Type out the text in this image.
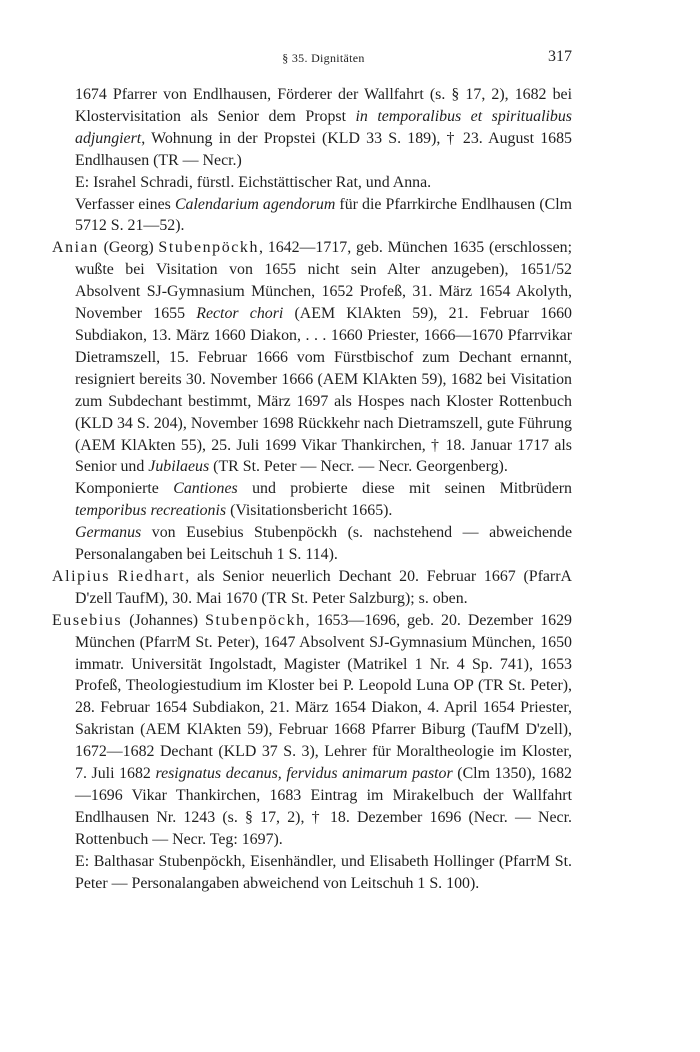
§ 35. Dignitäten	317

1674 Pfarrer von Endlhausen, Förderer der Wallfahrt (s. § 17, 2), 1682 bei Klostervisitation als Senior dem Propst in temporalibus et spiritualibus adjungiert, Wohnung in der Propstei (KLD 33 S. 189), † 23. August 1685 Endlhausen (TR — Necr.)

E: Israhel Schradi, fürstl. Eichstättischer Rat, und Anna.

Verfasser eines Calendarium agendorum für die Pfarrkirche Endlhausen (Clm 5712 S. 21—52).

Anian (Georg) Stubenpöckh, 1642—1717, geb. München 1635 (erschlossen; wußte bei Visitation von 1655 nicht sein Alter anzugeben), 1651/52 Absolvent SJ-Gymnasium München, 1652 Profeß, 31. März 1654 Akolyth, November 1655 Rector chori (AEM KlAkten 59), 21. Februar 1660 Subdiakon, 13. März 1660 Diakon, . . . 1660 Priester, 1666—1670 Pfarrvikar Dietramszell, 15. Februar 1666 vom Fürstbischof zum Dechant ernannt, resigniert bereits 30. November 1666 (AEM KlAkten 59), 1682 bei Visitation zum Subdechant bestimmt, März 1697 als Hospes nach Kloster Rottenbuch (KLD 34 S. 204), November 1698 Rückkehr nach Dietramszell, gute Führung (AEM KlAkten 55), 25. Juli 1699 Vikar Thankirchen, † 18. Januar 1717 als Senior und Jubilaeus (TR St. Peter — Necr. — Necr. Georgenberg).

Komponierte Cantiones und probierte diese mit seinen Mitbrüdern temporibus recreationis (Visitationsbericht 1665).

Germanus von Eusebius Stubenpöckh (s. nachstehend — abweichende Personalangaben bei Leitschuh 1 S. 114).

Alipius Riedhart, als Senior neuerlich Dechant 20. Februar 1667 (PfarrA D'zell TaufM), 30. Mai 1670 (TR St. Peter Salzburg); s. oben.

Eusebius (Johannes) Stubenpöckh, 1653—1696, geb. 20. Dezember 1629 München (PfarrM St. Peter), 1647 Absolvent SJ-Gymnasium München, 1650 immatr. Universität Ingolstadt, Magister (Matrikel 1 Nr. 4 Sp. 741), 1653 Profeß, Theologiestudium im Kloster bei P. Leopold Luna OP (TR St. Peter), 28. Februar 1654 Subdiakon, 21. März 1654 Diakon, 4. April 1654 Priester, Sakristan (AEM KlAkten 59), Februar 1668 Pfarrer Biburg (TaufM D'zell), 1672—1682 Dechant (KLD 37 S. 3), Lehrer für Moraltheologie im Kloster, 7. Juli 1682 resignatus decanus, fervidus animarum pastor (Clm 1350), 1682—1696 Vikar Thankirchen, 1683 Eintrag im Mirakelbuch der Wallfahrt Endlhausen Nr. 1243 (s. § 17, 2), † 18. Dezember 1696 (Necr. — Necr. Rottenbuch — Necr. Teg: 1697).

E: Balthasar Stubenpöckh, Eisenhändler, und Elisabeth Hollinger (PfarrM St. Peter — Personalangaben abweichend von Leitschuh 1 S. 100).
